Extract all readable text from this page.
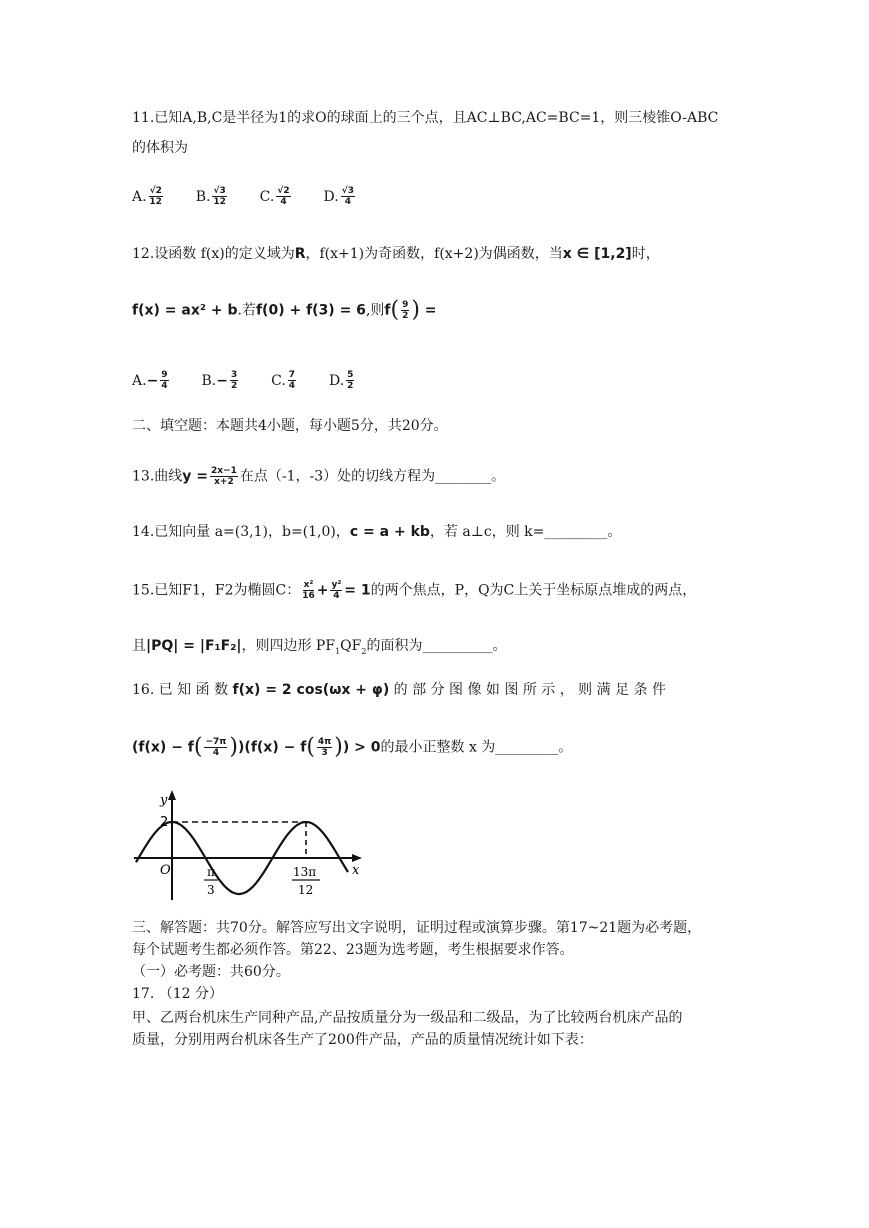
11.已知A,B,C是半径为1的求O的球面上的三个点，且AC⊥BC,AC=BC=1，则三棱锥O-ABC
的体积为
A. $\frac{√2}{12} B$. $\frac{√3}{12} C$. $\frac{√2}{4} D$. $\frac{√3}{4}$
12.设函数 f(x)的定义域为R，f(x+1)为奇函数，f(x+2)为偶函数，当x ∈ [1,2]时，
f(x) = ax² + b.若f(0) + f(3) = 6,则$f( \frac{9}{2}$ ) =
$A.- \frac{9}{4} B.- \frac{3}{2} C$. $\frac{7}{4} D$. $\frac{5}{2}$
二、填空题：本题共4小题，每小题5分，共20分。
13.曲线$y = \frac{2x-1}{x+2}$ 在点（-1，-3）处的切线方程为________。
14.已知向量 a=(3,1)，b=(1,0)，c = a + kb，若 a⊥c，则 k=_________。
15.已知F1，F2为椭圆C： $\frac{\text{x²}}{16} + \frac{\text{y²}}{4} = 1$的两个焦点，P，Q为C上关于坐标原点堆成的两点，
且|PQ| = |F₁F₂|，则四边形 $PF_1QF_2$的面积为__________。
16. 已 知 函 数 f(x) = 2 cos(ωx + φ) 的 部 分 图 像 如 图 所 示 ， 则 满 足 条 件
$(f(x) - f( \frac{-7\pi}{4} ))(f(x) - f( \frac{4\pi}{3}$ )) > 0的最小正整数 x 为_________。
y
x
O
2
π
3
13π
12
三、解答题：共70分。解答应写出文字说明，证明过程或演算步骤。第17~21题为必考题，
每个试题考生都必须作答。第22、23题为选考题，考生根据要求作答。
（一）必考题：共60分。
17. （12 分）
甲、乙两台机床生产同种产品,产品按质量分为一级品和二级品，为了比较两台机床产品的
质量，分别用两台机床各生产了200件产品，产品的质量情况统计如下表：
